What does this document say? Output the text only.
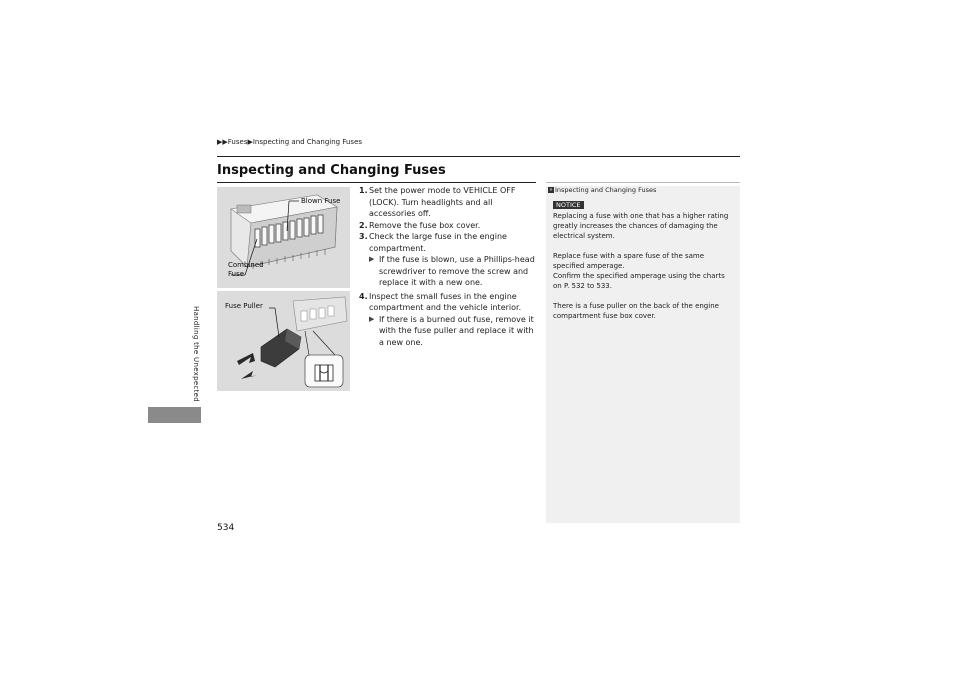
▶▶Fuses▶Inspecting and Changing Fuses
Inspecting and Changing Fuses
Blown Fuse
Combined
Fuse
Fuse Puller
1. Set the power mode to VEHICLE OFF (LOCK). Turn headlights and all accessories off.
2. Remove the fuse box cover.
3. Check the large fuse in the engine compartment.
▶ If the fuse is blown, use a Phillips-head screwdriver to remove the screw and replace it with a new one.
4. Inspect the small fuses in the engine compartment and the vehicle interior.
▶ If there is a burned out fuse, remove it with the fuse puller and replace it with a new one.
» Inspecting and Changing Fuses
NOTICE
Replacing a fuse with one that has a higher rating greatly increases the chances of damaging the electrical system.
Replace fuse with a spare fuse of the same specified amperage.
Confirm the specified amperage using the charts on P. 532 to 533.
There is a fuse puller on the back of the engine compartment fuse box cover.
Handling the Unexpected
534
